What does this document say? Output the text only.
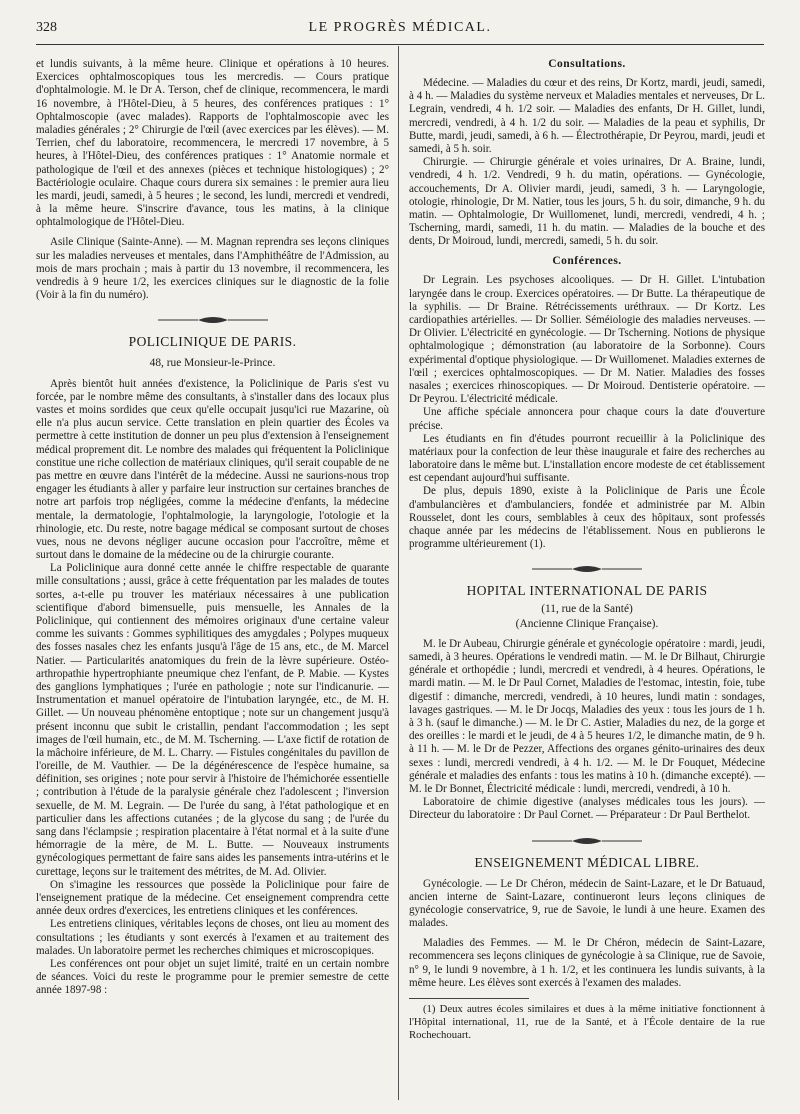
328	LE PROGRÈS MÉDICAL.

et lundis suivants, à la même heure. Clinique et opérations à 10 heures. Exercices ophtalmoscopiques tous les mercredis. — Cours pratique d'ophtalmologie. M. le Dr A. Terson, chef de clinique, recommencera, le mardi 16 novembre, à l'Hôtel-Dieu, à 5 heures, des conférences pratiques : 1° Ophtalmoscopie (avec malades). Rapports de l'ophtalmoscopie avec les maladies générales ; 2° Chirurgie de l'œil (avec exercices par les élèves). — M. Terrien, chef du laboratoire, recommencera, le mercredi 17 novembre, à 5 heures, à l'Hôtel-Dieu, des conférences pratiques : 1° Anatomie normale et pathologique de l'œil et des annexes (pièces et technique histologiques) ; 2° Bactériologie oculaire. Chaque cours durera six semaines : le premier aura lieu les mardi, jeudi, samedi, à 5 heures ; le second, les lundi, mercredi et vendredi, à la même heure. S'inscrire d'avance, tous les matins, à la clinique ophtalmologique de l'Hôtel-Dieu.

Asile Clinique (Sainte-Anne). — M. Magnan reprendra ses leçons cliniques sur les maladies nerveuses et mentales, dans l'Amphithéâtre de l'Admission, au mois de mars prochain ; mais à partir du 13 novembre, il recommencera, les vendredis à 9 heure 1/2, les exercices cliniques sur le diagnostic de la folie (Voir à la fin du numéro).

POLICLINIQUE DE PARIS.
48, rue Monsieur-le-Prince.

Après bientôt huit années d'existence, la Policlinique de Paris s'est vu forcée, par le nombre même des consultants, à s'installer dans des locaux plus vastes et moins sordides que ceux qu'elle occupait jusqu'ici rue Mazarine, où elle n'a plus aucun service. Cette translation en plein quartier des Écoles va permettre à cette institution de donner un peu plus d'extension à l'enseignement médical proprement dit. Le nombre des malades qui fréquentent la Policlinique constitue une riche collection de matériaux cliniques, qu'il serait coupable de ne pas mettre en œuvre dans l'intérêt de la médecine. Aussi ne saurions-nous trop engager les étudiants à aller y parfaire leur instruction sur certaines branches de notre art parfois trop négligées, comme la médecine d'enfants, la médecine mentale, la dermatologie, l'ophtalmologie, la laryngologie, l'otologie et la rhinologie, etc. Du reste, notre bagage médical se composant surtout de choses vues, nous ne devons négliger aucune occasion pour l'accroître, même et surtout dans le domaine de la médecine ou de la chirurgie courante.

La Policlinique aura donné cette année le chiffre respectable de quarante mille consultations ; aussi, grâce à cette fréquentation par les malades de toutes sortes, a-t-elle pu trouver les matériaux nécessaires à une publication scientifique d'abord bimensuelle, puis mensuelle, les Annales de la Policlinique, qui contiennent des mémoires originaux d'une certaine valeur comme les suivants : Gommes syphilitiques des amygdales ; Polypes muqueux des fosses nasales chez les enfants jusqu'à l'âge de 15 ans, etc., de M. Marcel Natier. — Particularités anatomiques du frein de la lèvre supérieure. Ostéo-arthropathie hypertrophiante pneumique chez l'enfant, de P. Mabie. — Kystes des ganglions lymphatiques ; l'urée en pathologie ; note sur l'indicanurie. — Instrumentation et manuel opératoire de l'intubation laryngée, etc., de M. H. Gillet. — Un nouveau phénomène entoptique ; note sur un changement jusqu'à présent inconnu que subit le cristallin, pendant l'accommodation ; les sept images de l'œil humain, etc., de M. M. Tscherning. — L'axe fictif de rotation de la mâchoire inférieure, de M. L. Charry. — Fistules congénitales du pavillon de l'oreille, de M. Vauthier. — De la dégénérescence de l'espèce humaine, sa définition, ses origines ; note pour servir à l'histoire de l'hémichorée essentielle ; contribution à l'étude de la paralysie générale chez l'adolescent ; l'inversion sexuelle, de M. M. Legrain. — De l'urée du sang, à l'état pathologique et en particulier dans les affections cutanées ; de la glycose du sang ; de l'urée du sang dans l'éclampsie ; respiration placentaire à l'état normal et à la suite d'une hémorragie de la mère, de M. L. Butte. — Nouveaux instruments gynécologiques permettant de faire sans aides les pansements intra-utérins et le curettage, leçons sur le traitement des métrites, de M. Ad. Olivier.

On s'imagine les ressources que possède la Policlinique pour faire de l'enseignement pratique de la médecine. Cet enseignement comprendra cette année deux ordres d'exercices, les entretiens cliniques et les conférences.

Les entretiens cliniques, véritables leçons de choses, ont lieu au moment des consultations ; les étudiants y sont exercés à l'examen et au traitement des malades. Un laboratoire permet les recherches chimiques et microscopiques.

Les conférences ont pour objet un sujet limité, traité en un certain nombre de séances. Voici du reste le programme pour le premier semestre de cette année 1897-98 :

Consultations.

Médecine. — Maladies du cœur et des reins, Dr Kortz, mardi, jeudi, samedi, à 4 h. — Maladies du système nerveux et Maladies mentales et nerveuses, Dr L. Legrain, vendredi, 4 h. 1/2 soir. — Maladies des enfants, Dr H. Gillet, lundi, mercredi, vendredi, à 4 h. 1/2 du soir. — Maladies de la peau et syphilis, Dr Butte, mardi, jeudi, samedi, à 6 h. — Électrothérapie, Dr Peyrou, mardi, jeudi et samedi, à 5 h. soir.

Chirurgie. — Chirurgie générale et voies urinaires, Dr A. Braine, lundi, vendredi, 4 h. 1/2. Vendredi, 9 h. du matin, opérations. — Gynécologie, accouchements, Dr A. Olivier mardi, jeudi, samedi, 3 h. — Laryngologie, otologie, rhinologie, Dr M. Natier, tous les jours, 5 h. du soir, dimanche, 9 h. du matin. — Ophtalmologie, Dr Wuillomenet, lundi, mercredi, vendredi, 4 h. ; Tscherning, mardi, samedi, 11 h. du matin. — Maladies de la bouche et des dents, Dr Moiroud, lundi, mercredi, samedi, 5 h. du soir.

Conférences.

Dr Legrain. Les psychoses alcooliques. — Dr H. Gillet. L'intubation laryngée dans le croup. Exercices opératoires. — Dr Butte. La thérapeutique de la syphilis. — Dr Braine. Rétrécissements uréthraux. — Dr Kortz. Les cardiopathies artérielles. — Dr Sollier. Séméiologie des maladies nerveuses. — Dr Olivier. L'électricité en gynécologie. — Dr Tscherning. Notions de physique ophtalmologique ; démonstration (au laboratoire de la Sorbonne). Cours expérimental d'optique physiologique. — Dr Wuillomenet. Maladies externes de l'œil ; exercices ophtalmoscopiques. — Dr M. Natier. Maladies des fosses nasales ; exercices rhinoscopiques. — Dr Moiroud. Dentisterie opératoire. — Dr Peyrou. L'électricité médicale.

Une affiche spéciale annoncera pour chaque cours la date d'ouverture précise.

Les étudiants en fin d'études pourront recueillir à la Policlinique des matériaux pour la confection de leur thèse inaugurale et faire des recherches au laboratoire dans le même but. L'installation encore modeste de cet établissement est cependant aujourd'hui suffisante.

De plus, depuis 1890, existe à la Policlinique de Paris une École d'ambulancières et d'ambulanciers, fondée et administrée par M. Albin Rousselet, dont les cours, semblables à ceux des hôpitaux, sont professés chaque année par les médecins de l'établissement. Nous en publierons le programme ultérieurement (1).

HOPITAL INTERNATIONAL DE PARIS
(11, rue de la Santé)
(Ancienne Clinique Française).

M. le Dr Aubeau, Chirurgie générale et gynécologie opératoire : mardi, jeudi, samedi, à 3 heures. Opérations le vendredi matin. — M. le Dr Bilhaut, Chirurgie générale et orthopédie ; lundi, mercredi et vendredi, à 4 heures. Opérations, le mardi matin. — M. le Dr Paul Cornet, Maladies de l'estomac, intestin, foie, tube digestif : dimanche, mercredi, vendredi, à 10 heures, lundi matin : sondages, lavages gastriques. — M. le Dr Jocqs, Maladies des yeux : tous les jours de 1 h. à 3 h. (sauf le dimanche.) — M. le Dr C. Astier, Maladies du nez, de la gorge et des oreilles : le mardi et le jeudi, de 4 à 5 heures 1/2, le dimanche matin, de 9 h. à 11 h. — M. le Dr de Pezzer, Affections des organes génito-urinaires des deux sexes : lundi, mercredi vendredi, à 4 h. 1/2. — M. le Dr Fouquet, Médecine générale et maladies des enfants : tous les matins à 10 h. (dimanche excepté). — M. le Dr Bonnet, Électricité médicale : lundi, mercredi, vendredi, à 10 h.

Laboratoire de chimie digestive (analyses médicales tous les jours). — Directeur du laboratoire : Dr Paul Cornet. — Préparateur : Dr Paul Berthelot.

ENSEIGNEMENT MÉDICAL LIBRE.

Gynécologie. — Le Dr Chéron, médecin de Saint-Lazare, et le Dr Batuaud, ancien interne de Saint-Lazare, continueront leurs leçons cliniques de gynécologie conservatrice, 9, rue de Savoie, le lundi à une heure. Examen des malades.

Maladies des Femmes. — M. le Dr Chéron, médecin de Saint-Lazare, recommencera ses leçons cliniques de gynécologie à sa Clinique, rue de Savoie, n° 9, le lundi 9 novembre, à 1 h. 1/2, et les continuera les lundis suivants, à la même heure. Les élèves sont exercés à l'examen des malades.

(1) Deux autres écoles similaires et dues à la même initiative fonctionnent à l'Hôpital international, 11, rue de la Santé, et à l'École dentaire de la rue Rochechouart.
